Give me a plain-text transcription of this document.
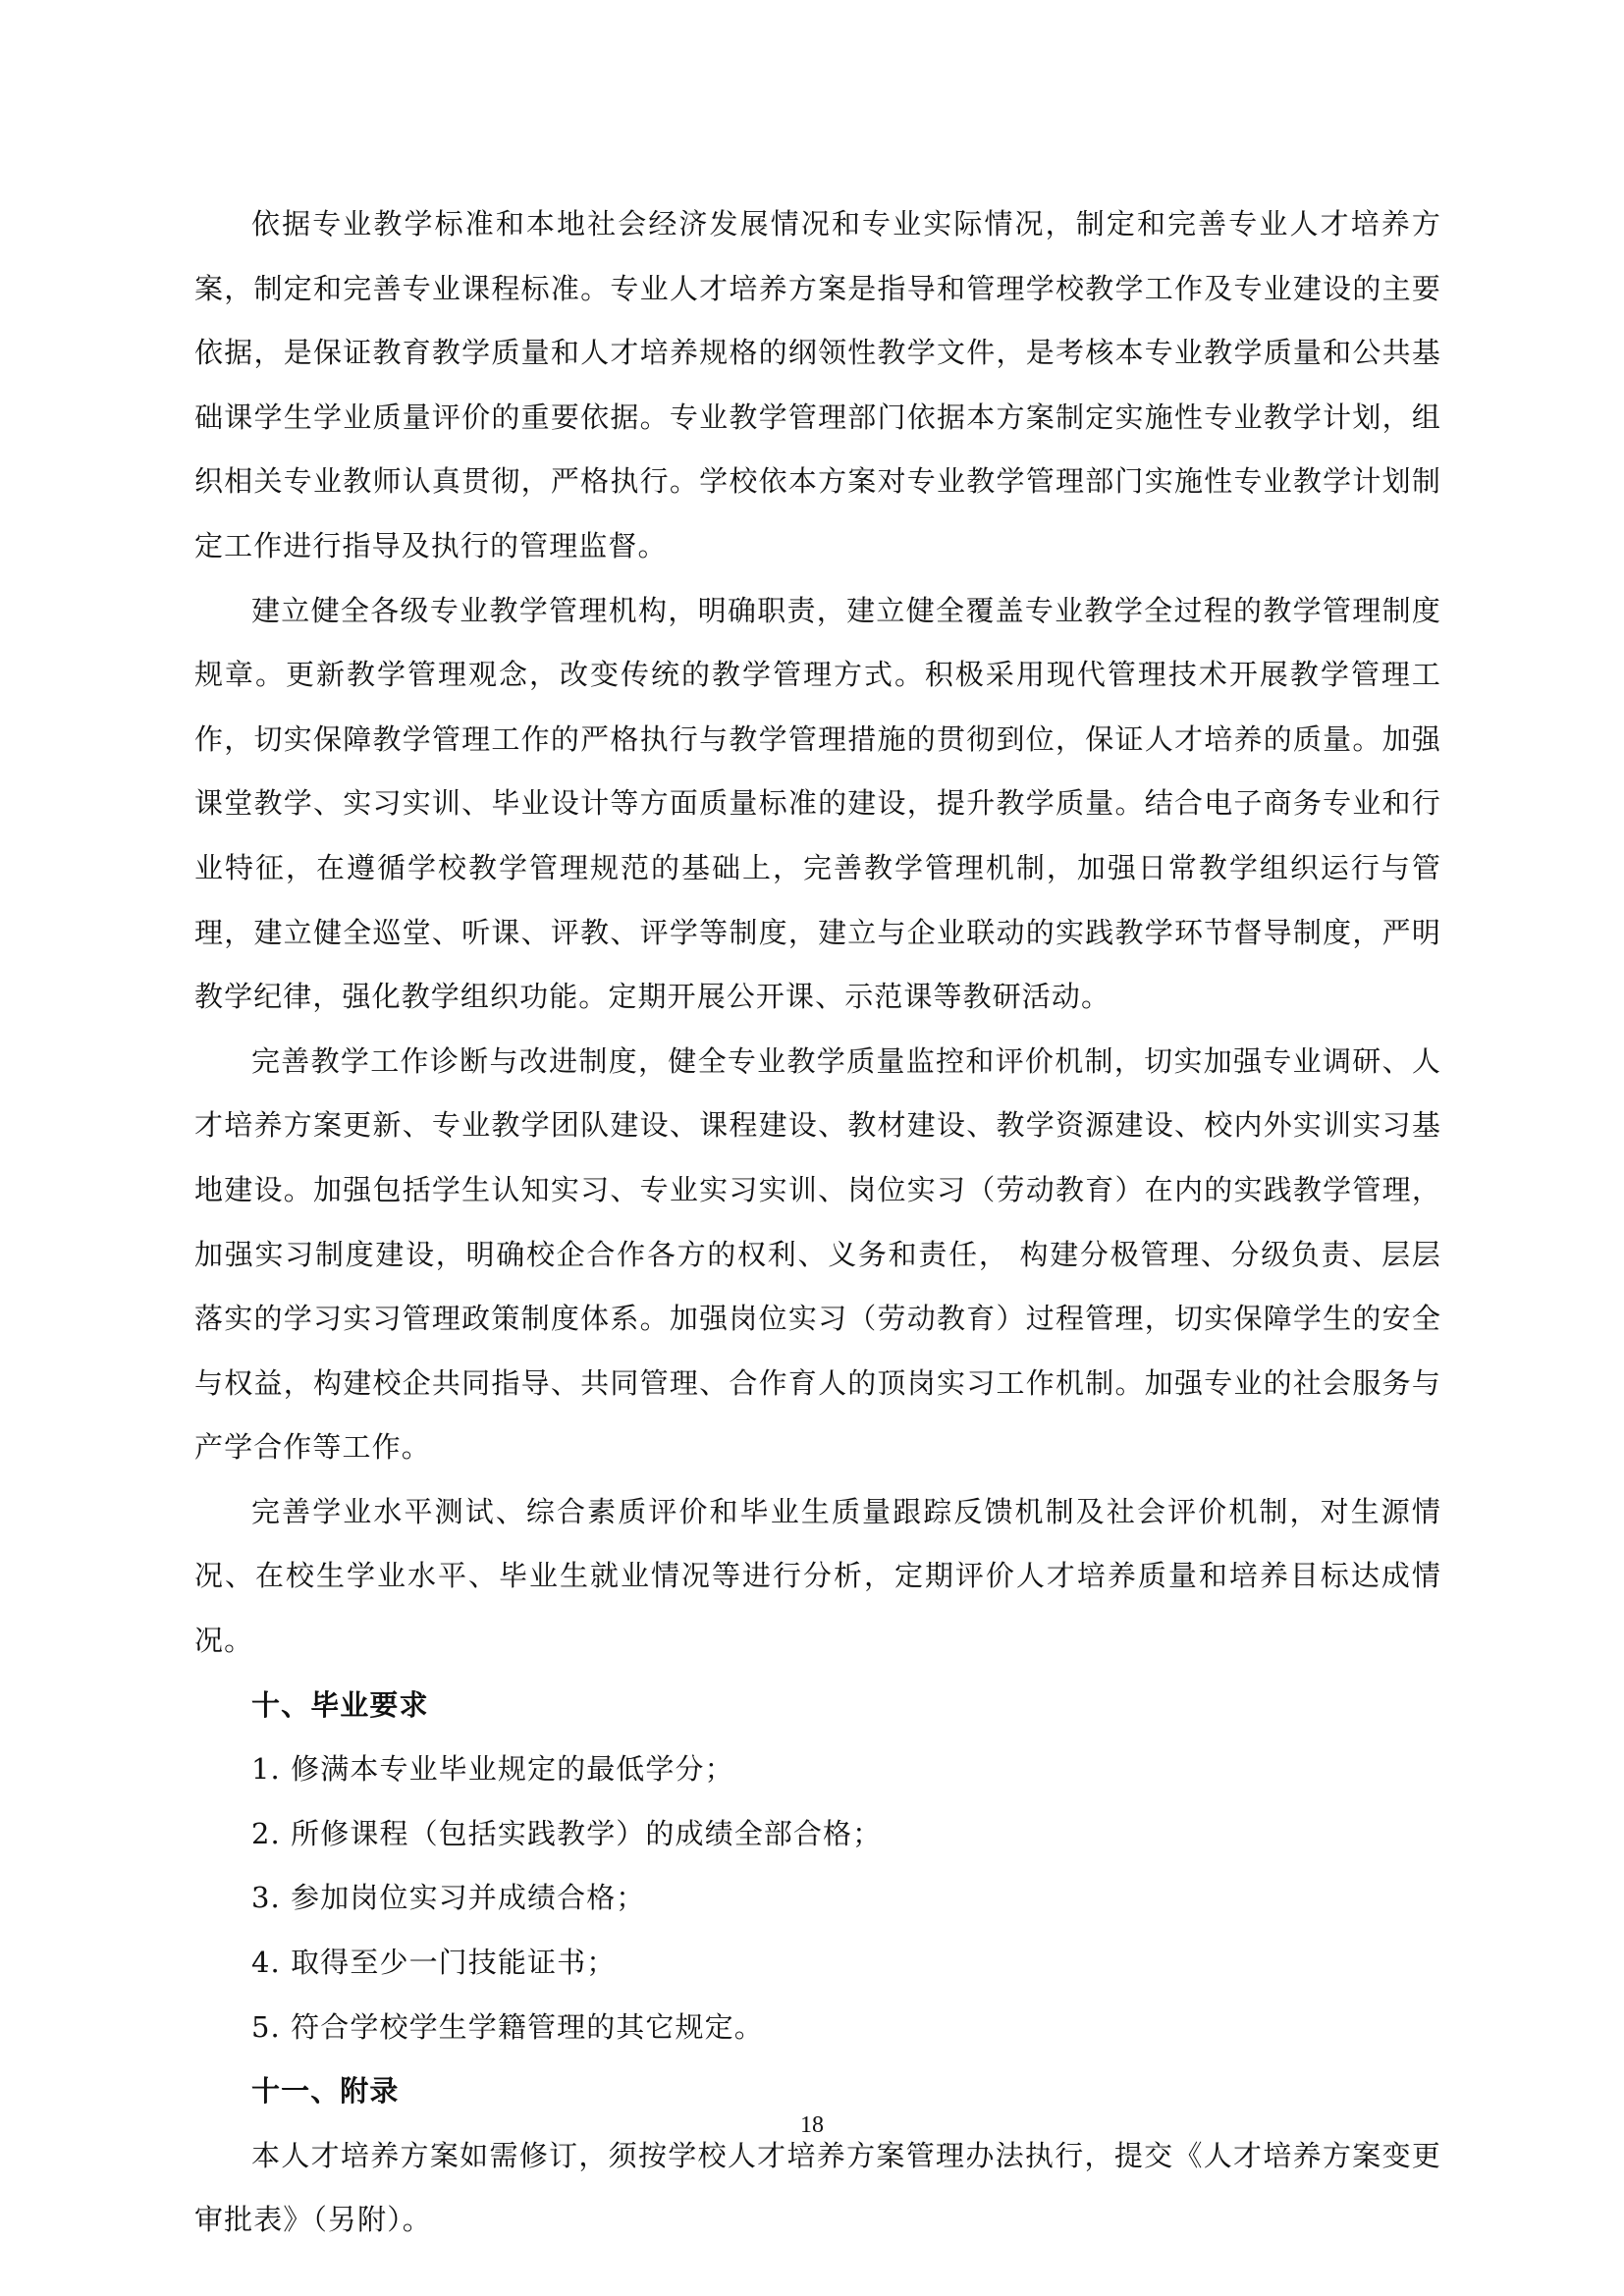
依据专业教学标准和本地社会经济发展情况和专业实际情况，制定和完善专业人才培养方案，制定和完善专业课程标准。专业人才培养方案是指导和管理学校教学工作及专业建设的主要依据，是保证教育教学质量和人才培养规格的纲领性教学文件，是考核本专业教学质量和公共基础课学生学业质量评价的重要依据。专业教学管理部门依据本方案制定实施性专业教学计划，组织相关专业教师认真贯彻，严格执行。学校依本方案对专业教学管理部门实施性专业教学计划制定工作进行指导及执行的管理监督。

建立健全各级专业教学管理机构，明确职责，建立健全覆盖专业教学全过程的教学管理制度规章。更新教学管理观念，改变传统的教学管理方式。积极采用现代管理技术开展教学管理工作，切实保障教学管理工作的严格执行与教学管理措施的贯彻到位，保证人才培养的质量。加强课堂教学、实习实训、毕业设计等方面质量标准的建设，提升教学质量。结合电子商务专业和行业特征，在遵循学校教学管理规范的基础上，完善教学管理机制，加强日常教学组织运行与管理，建立健全巡堂、听课、评教、评学等制度，建立与企业联动的实践教学环节督导制度，严明教学纪律，强化教学组织功能。定期开展公开课、示范课等教研活动。

完善教学工作诊断与改进制度，健全专业教学质量监控和评价机制，切实加强专业调研、人才培养方案更新、专业教学团队建设、课程建设、教材建设、教学资源建设、校内外实训实习基地建设。加强包括学生认知实习、专业实习实训、岗位实习（劳动教育）在内的实践教学管理，加强实习制度建设，明确校企合作各方的权利、义务和责任， 构建分极管理、分级负责、层层落实的学习实习管理政策制度体系。加强岗位实习（劳动教育）过程管理，切实保障学生的安全与权益，构建校企共同指导、共同管理、合作育人的顶岗实习工作机制。加强专业的社会服务与产学合作等工作。

完善学业水平测试、综合素质评价和毕业生质量跟踪反馈机制及社会评价机制，对生源情况、在校生学业水平、毕业生就业情况等进行分析，定期评价人才培养质量和培养目标达成情况。

十、毕业要求

1. 修满本专业毕业规定的最低学分；

2. 所修课程（包括实践教学）的成绩全部合格；

3. 参加岗位实习并成绩合格；

4. 取得至少一门技能证书；

5. 符合学校学生学籍管理的其它规定。

十一、附录

本人才培养方案如需修订，须按学校人才培养方案管理办法执行，提交《人才培养方案变更审批表》（另附）。

18
